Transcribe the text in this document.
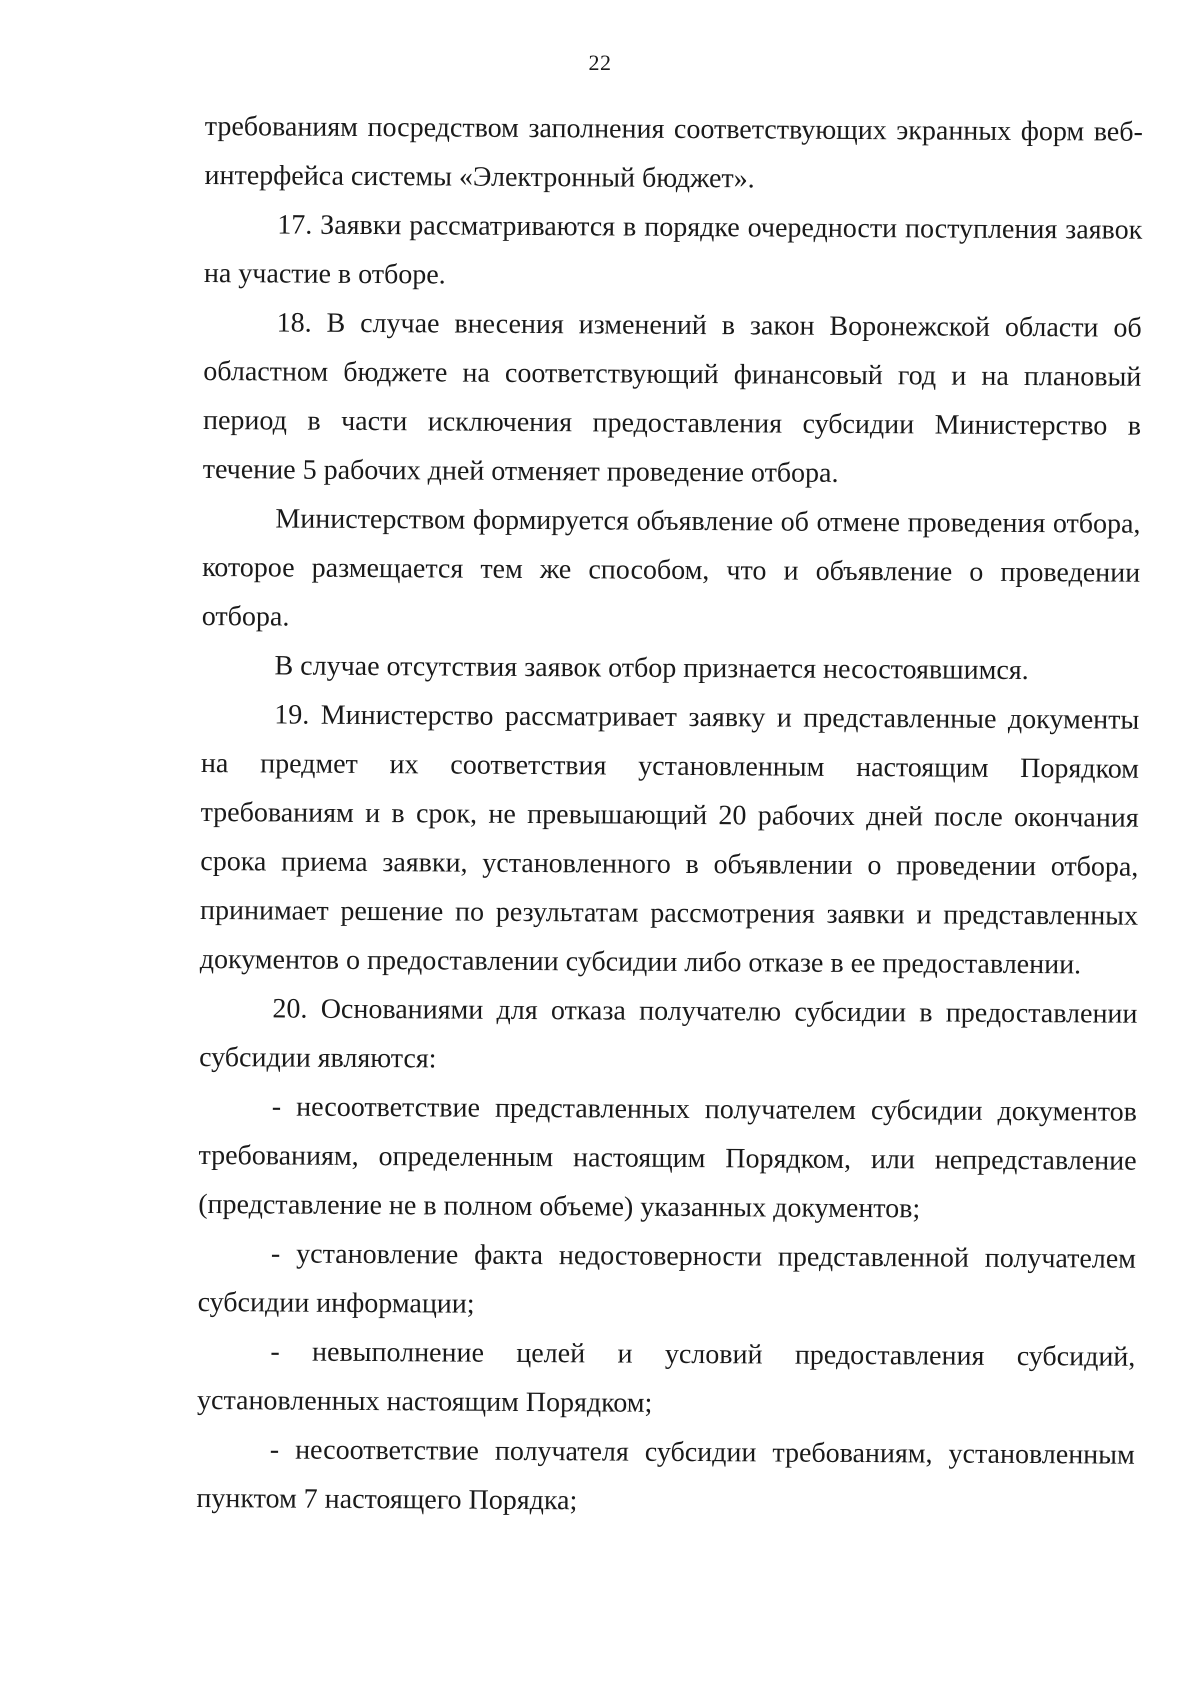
22

требованиям посредством заполнения соответствующих экранных форм веб-интерфейса системы «Электронный бюджет».

17. Заявки рассматриваются в порядке очередности поступления заявок на участие в отборе.

18. В случае внесения изменений в закон Воронежской области об областном бюджете на соответствующий финансовый год и на плановый период в части исключения предоставления субсидии Министерство в течение 5 рабочих дней отменяет проведение отбора.

Министерством формируется объявление об отмене проведения отбора, которое размещается тем же способом, что и объявление о проведении отбора.

В случае отсутствия заявок отбор признается несостоявшимся.

19. Министерство рассматривает заявку и представленные документы на предмет их соответствия установленным настоящим Порядком требованиям и в срок, не превышающий 20 рабочих дней после окончания срока приема заявки, установленного в объявлении о проведении отбора, принимает решение по результатам рассмотрения заявки и представленных документов о предоставлении субсидии либо отказе в ее предоставлении.

20. Основаниями для отказа получателю субсидии в предоставлении субсидии являются:

- несоответствие представленных получателем субсидии документов требованиям, определенным настоящим Порядком, или непредставление (представление не в полном объеме) указанных документов;

- установление факта недостоверности представленной получателем субсидии информации;

- невыполнение целей и условий предоставления субсидий, установленных настоящим Порядком;

- несоответствие получателя субсидии требованиям, установленным пунктом 7 настоящего Порядка;
